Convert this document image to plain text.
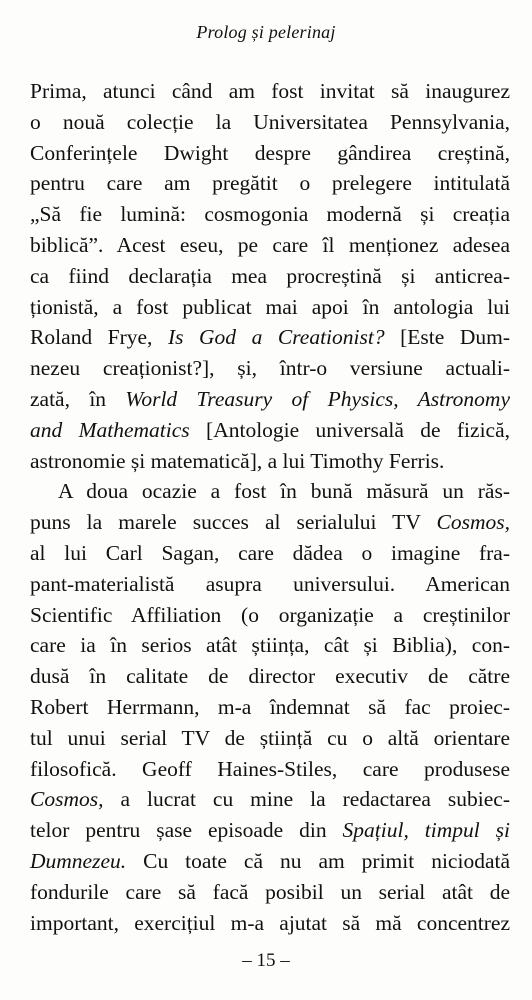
Prolog și pelerinaj
Prima, atunci când am fost invitat să inaugurez
o nouă colecție la Universitatea Pennsylvania,
Conferințele Dwight despre gândirea creștină,
pentru care am pregătit o prelegere intitulată
„Să fie lumină: cosmogonia modernă și creația
biblică”. Acest eseu, pe care îl menționez adesea
ca fiind declarația mea procreștină și anticrea-
ționistă, a fost publicat mai apoi în antologia lui
Roland Frye, Is God a Creationist? [Este Dum-
nezeu creaționist?], și, într-o versiune actuali-
zată, în World Treasury of Physics, Astronomy
and Mathematics [Antologie universală de fizică,
astronomie și matematică], a lui Timothy Ferris.
A doua ocazie a fost în bună măsură un răs-
puns la marele succes al serialului TV Cosmos,
al lui Carl Sagan, care dădea o imagine fra-
pant-materialistă asupra universului. American
Scientific Affiliation (o organizație a creștinilor
care ia în serios atât știința, cât și Biblia), con-
dusă în calitate de director executiv de către
Robert Herrmann, m-a îndemnat să fac proiec-
tul unui serial TV de știință cu o altă orientare
filosofică. Geoff Haines-Stiles, care produsese
Cosmos, a lucrat cu mine la redactarea subiec-
telor pentru șase episoade din Spațiul, timpul și
Dumnezeu. Cu toate că nu am primit niciodată
fondurile care să facă posibil un serial atât de
important, exercițiul m-a ajutat să mă concentrez
– 15 –
